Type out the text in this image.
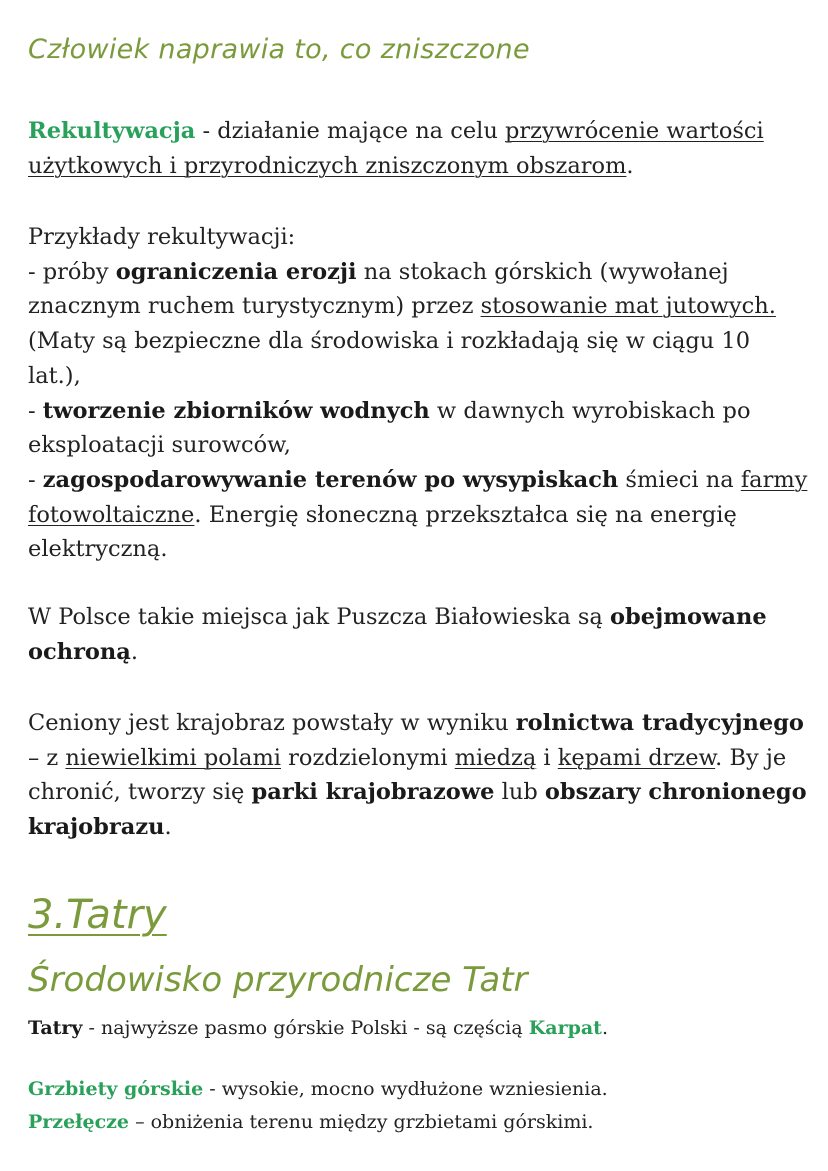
Człowiek naprawia to, co zniszczone

Rekultywacja - działanie mające na celu przywrócenie wartości użytkowych i przyrodniczych zniszczonym obszarom.

Przykłady rekultywacji:
- próby ograniczenia erozji na stokach górskich (wywołanej znacznym ruchem turystycznym) przez stosowanie mat jutowych. (Maty są bezpieczne dla środowiska i rozkładają się w ciągu 10 lat.),
- tworzenie zbiorników wodnych w dawnych wyrobiskach po eksploatacji surowców,
- zagospodarowywanie terenów po wysypiskach śmieci na farmy fotowoltaiczne. Energię słoneczną przekształca się na energię elektryczną.

W Polsce takie miejsca jak Puszcza Białowieska są obejmowane ochroną.

Ceniony jest krajobraz powstały w wyniku rolnictwa tradycyjnego – z niewielkimi polami rozdzielonymi miedzą i kępami drzew. By je chronić, tworzy się parki krajobrazowe lub obszary chronionego krajobrazu.

3.Tatry
Środowisko przyrodnicze Tatr

Tatry - najwyższe pasmo górskie Polski - są częścią Karpat.

Grzbiety górskie - wysokie, mocno wydłużone wzniesienia.
Przełęcze – obniżenia terenu między grzbietami górskimi.
